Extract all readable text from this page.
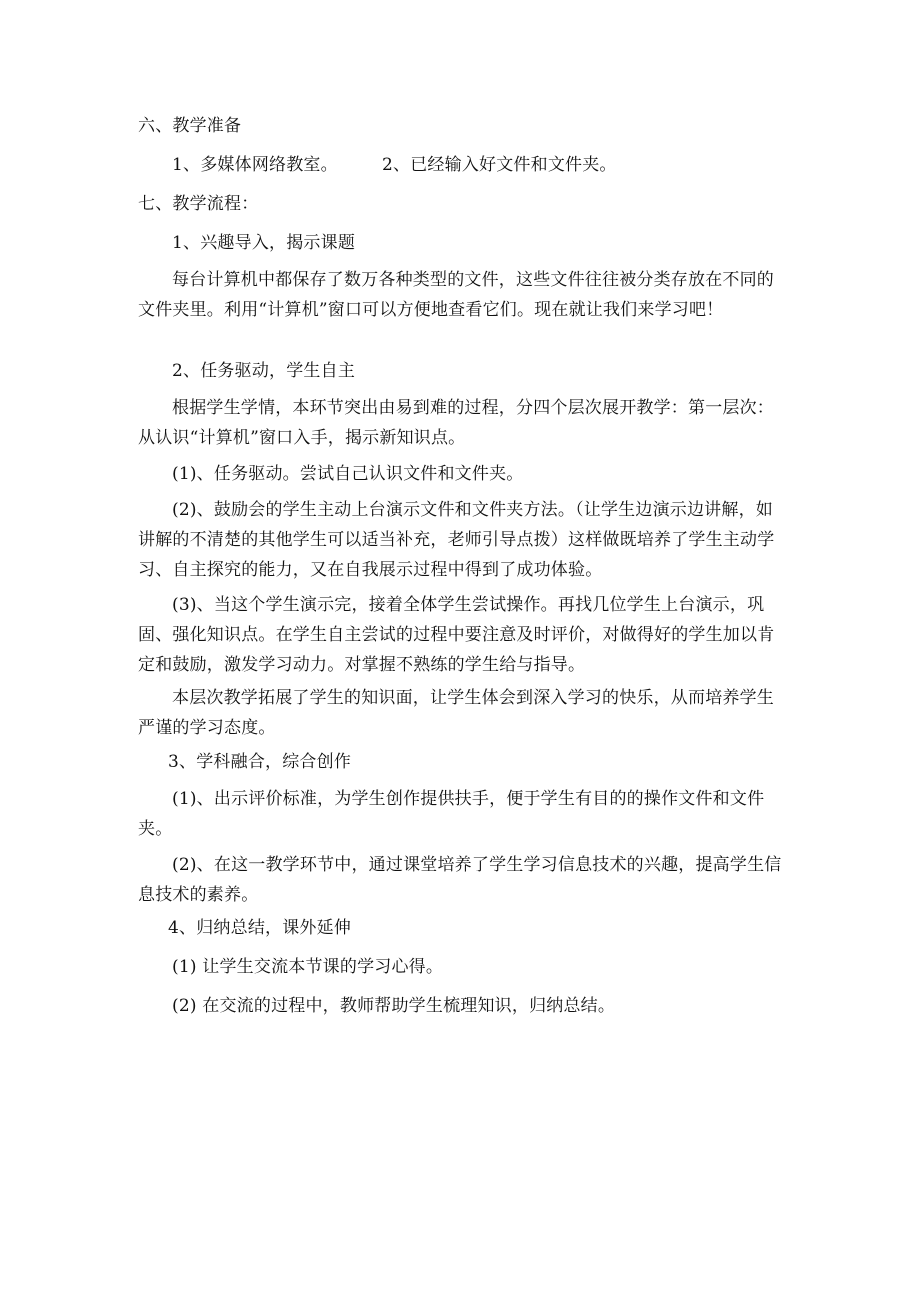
六、教学准备
1、多媒体网络教室。	2、已经输入好文件和文件夹。
七、教学流程：
1、兴趣导入，揭示课题
每台计算机中都保存了数万各种类型的文件，这些文件往往被分类存放在不同的文件夹里。利用“计算机”窗口可以方便地查看它们。现在就让我们来学习吧！
2、任务驱动，学生自主
根据学生学情，本环节突出由易到难的过程，分四个层次展开教学：第一层次：从认识“计算机”窗口入手，揭示新知识点。
(1)、任务驱动。尝试自己认识文件和文件夹。
(2)、鼓励会的学生主动上台演示文件和文件夹方法。（让学生边演示边讲解，如讲解的不清楚的其他学生可以适当补充，老师引导点拨）这样做既培养了学生主动学习、自主探究的能力，又在自我展示过程中得到了成功体验。
(3)、当这个学生演示完，接着全体学生尝试操作。再找几位学生上台演示，巩固、强化知识点。在学生自主尝试的过程中要注意及时评价，对做得好的学生加以肯定和鼓励，激发学习动力。对掌握不熟练的学生给与指导。
本层次教学拓展了学生的知识面，让学生体会到深入学习的快乐，从而培养学生严谨的学习态度。
3、学科融合，综合创作
(1)、出示评价标准，为学生创作提供扶手，便于学生有目的的操作文件和文件夹。
(2)、在这一教学环节中，通过课堂培养了学生学习信息技术的兴趣，提高学生信息技术的素养。
4、归纳总结，课外延伸
(1) 让学生交流本节课的学习心得。
(2) 在交流的过程中，教师帮助学生梳理知识，归纳总结。
